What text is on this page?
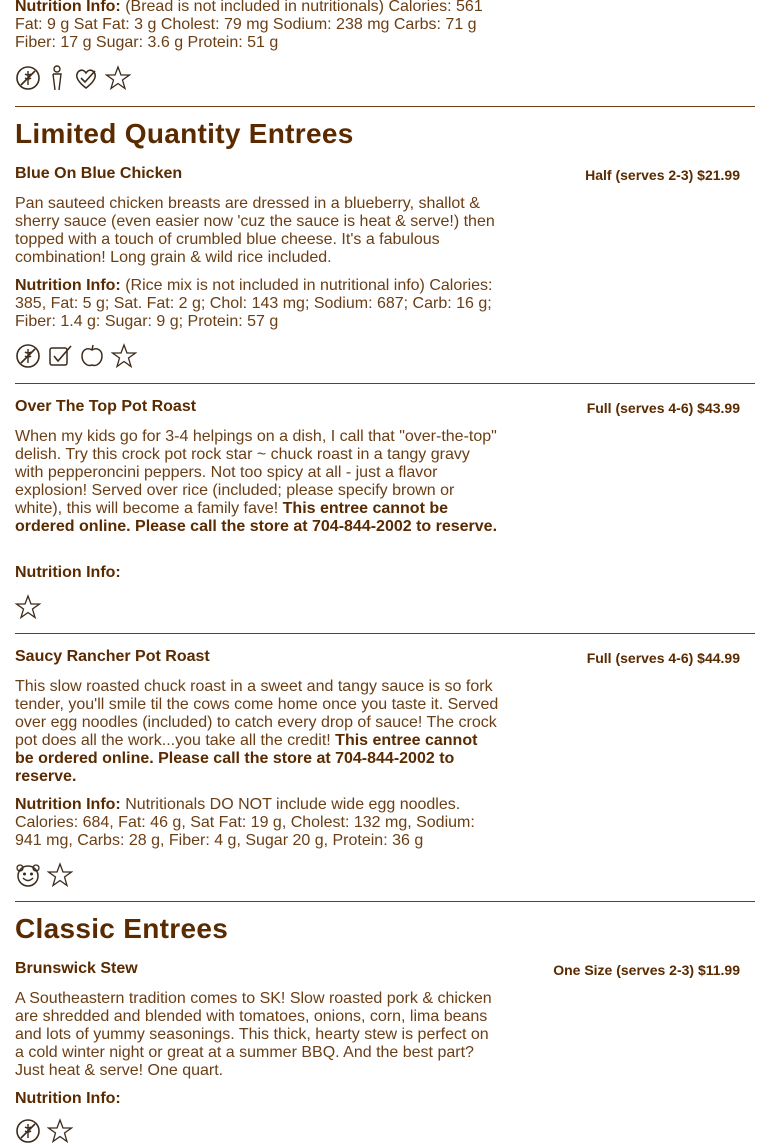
Nutrition Info: (Bread is not included in nutritionals) Calories: 561 Fat: 9 g Sat Fat: 3 g Cholest: 79 mg Sodium: 238 mg Carbs: 71 g Fiber: 17 g Sugar: 3.6 g Protein: 51 g

Limited Quantity Entrees
Blue On Blue Chicken	Half (serves 2-3) $21.99

Pan sauteed chicken breasts are dressed in a blueberry, shallot & sherry sauce (even easier now 'cuz the sauce is heat & serve!) then topped with a touch of crumbled blue cheese. It's a fabulous combination! Long grain & wild rice included.

Nutrition Info: (Rice mix is not included in nutritional info) Calories: 385, Fat: 5 g; Sat. Fat: 2 g; Chol: 143 mg; Sodium: 687; Carb: 16 g; Fiber: 1.4 g: Sugar: 9 g; Protein: 57 g

Over The Top Pot Roast	Full (serves 4-6) $43.99

When my kids go for 3-4 helpings on a dish, I call that "over-the-top" delish. Try this crock pot rock star ~ chuck roast in a tangy gravy with pepperoncini peppers. Not too spicy at all - just a flavor explosion! Served over rice (included; please specify brown or white), this will become a family fave! This entree cannot be ordered online. Please call the store at 704-844-2002 to reserve.

Nutrition Info:

Saucy Rancher Pot Roast	Full (serves 4-6) $44.99

This slow roasted chuck roast in a sweet and tangy sauce is so fork tender, you'll smile til the cows come home once you taste it. Served over egg noodles (included) to catch every drop of sauce! The crock pot does all the work...you take all the credit! This entree cannot be ordered online. Please call the store at 704-844-2002 to reserve.

Nutrition Info: Nutritionals DO NOT include wide egg noodles. Calories: 684, Fat: 46 g, Sat Fat: 19 g, Cholest: 132 mg, Sodium: 941 mg, Carbs: 28 g, Fiber: 4 g, Sugar 20 g, Protein: 36 g

Classic Entrees
Brunswick Stew	One Size (serves 2-3) $11.99

A Southeastern tradition comes to SK! Slow roasted pork & chicken are shredded and blended with tomatoes, onions, corn, lima beans and lots of yummy seasonings. This thick, hearty stew is perfect on a cold winter night or great at a summer BBQ. And the best part? Just heat & serve! One quart.

Nutrition Info:
